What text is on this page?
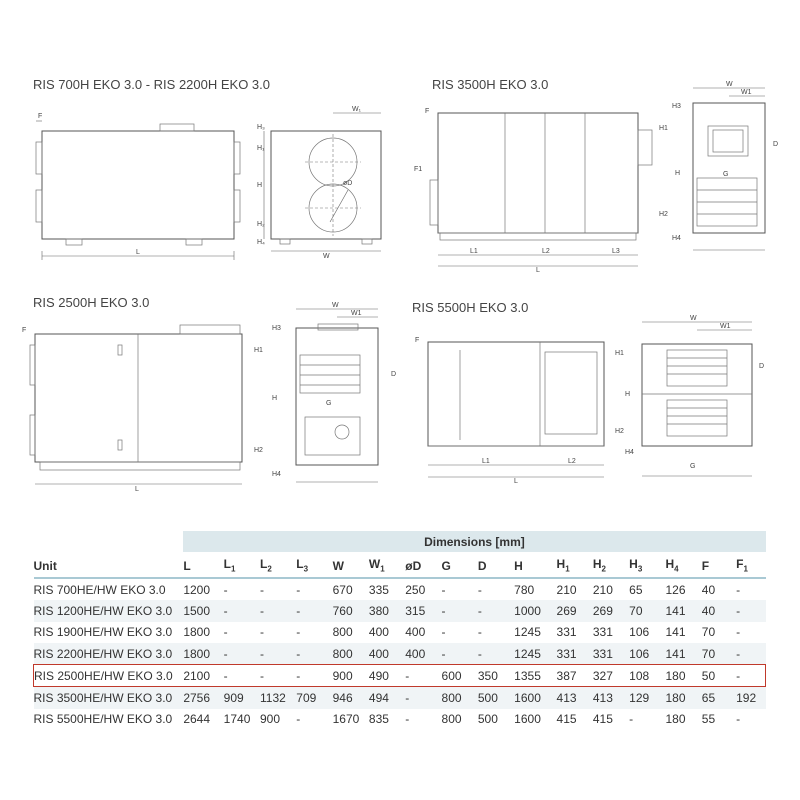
RIS 700H EKO 3.0 - RIS 2200H EKO 3.0	RIS 3500H EKO 3.0
RIS 2500H EKO 3.0	RIS 5500H EKO 3.0
L
F
øD
H₃
H₁
H
H₂
H₄
W
W₁
L1	L2	L3
L
F
F1
W
W1
H3
H1
H
H2
H4
D
G
L
F
W
W1
H3
H1
H
H2
H4
D
G
L1	L2
L
F
W
W1
H1
H
H2
H4
D
G
	Dimensions [mm]															
Unit	L	$L_1$	$L_2$	$L_3$	W	$W_1$	øD	G	D	H	$H_1$	$H_2$	$H_3$	$H_4$	F	$F_1$
RIS 700HE/HW EKO 3.0	1200	-	-	-	670	335	250	-	-	780	210	210	65	126	40	-
RIS 1200HE/HW EKO 3.0	1500	-	-	-	760	380	315	-	-	1000	269	269	70	141	40	-
RIS 1900HE/HW EKO 3.0	1800	-	-	-	800	400	400	-	-	1245	331	331	106	141	70	-
RIS 2200HE/HW EKO 3.0	1800	-	-	-	800	400	400	-	-	1245	331	331	106	141	70	-
RIS 2500HE/HW EKO 3.0	2100	-	-	-	900	490	-	600	350	1355	387	327	108	180	50	-
RIS 3500HE/HW EKO 3.0	2756	909	1132	709	946	494	-	800	500	1600	413	413	129	180	65	192
RIS 5500HE/HW EKO 3.0	2644	1740	900	-	1670	835	-	800	500	1600	415	415	-	180	55	-
